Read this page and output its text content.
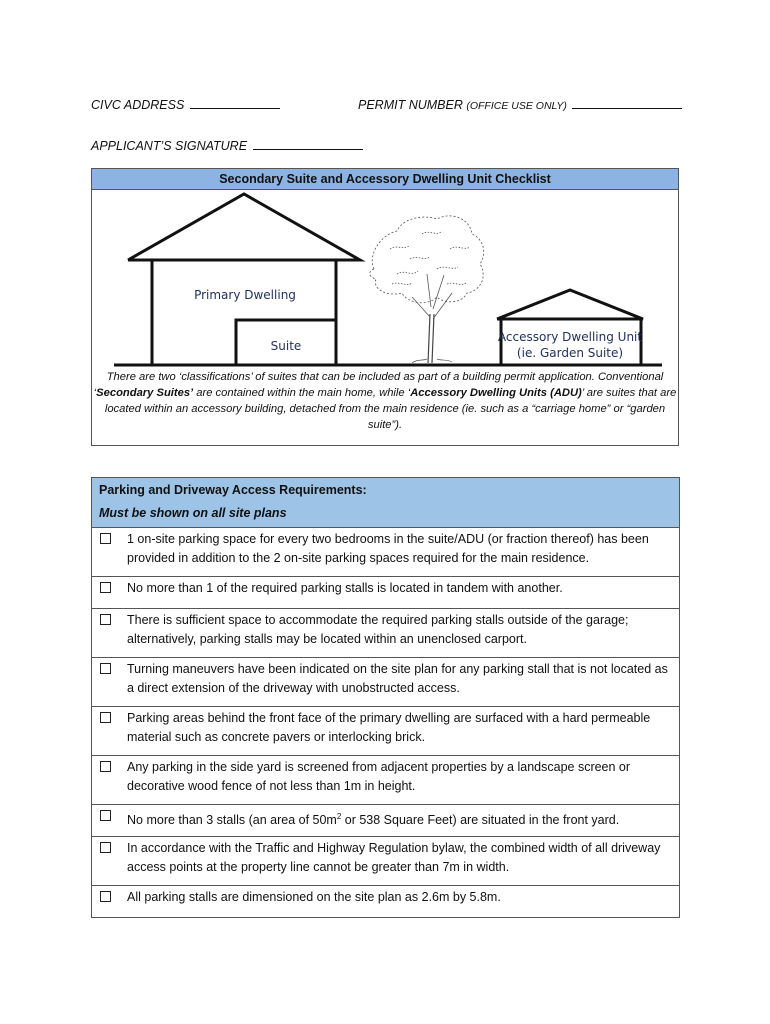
CIVC ADDRESS	PERMIT NUMBER (OFFICE USE ONLY)
APPLICANT’S SIGNATURE
Secondary Suite and Accessory Dwelling Unit Checklist
Primary Dwelling
Suite
Accessory Dwelling Unit
(ie. Garden Suite)
There are two ‘classifications’ of suites that can be included as part of a building permit application. Conventional ‘Secondary Suites’ are contained within the main home, while ‘Accessory Dwelling Units (ADU)’ are suites that are located within an accessory building, detached from the main residence (ie. such as a “carriage home” or “garden suite”).
Parking and Driveway Access Requirements:
Must be shown on all site plans	

	1 on-site parking space for every two bedrooms in the suite/ADU (or fraction thereof) has been provided in addition to the 2 on-site parking spaces required for the main residence.
	No more than 1 of the required parking stalls is located in tandem with another.
	There is sufficient space to accommodate the required parking stalls outside of the garage; alternatively, parking stalls may be located within an unenclosed carport.
	Turning maneuvers have been indicated on the site plan for any parking stall that is not located as a direct extension of the driveway with unobstructed access.
	Parking areas behind the front face of the primary dwelling are surfaced with a hard permeable material such as concrete pavers or interlocking brick.
	Any parking in the side yard is screened from adjacent properties by a landscape screen or decorative wood fence of not less than 1m in height.
	No more than 3 stalls (an area of $50m^2$ or 538 Square Feet) are situated in the front yard.
	In accordance with the Traffic and Highway Regulation bylaw, the combined width of all driveway access points at the property line cannot be greater than 7m in width.
	All parking stalls are dimensioned on the site plan as 2.6m by 5.8m.
